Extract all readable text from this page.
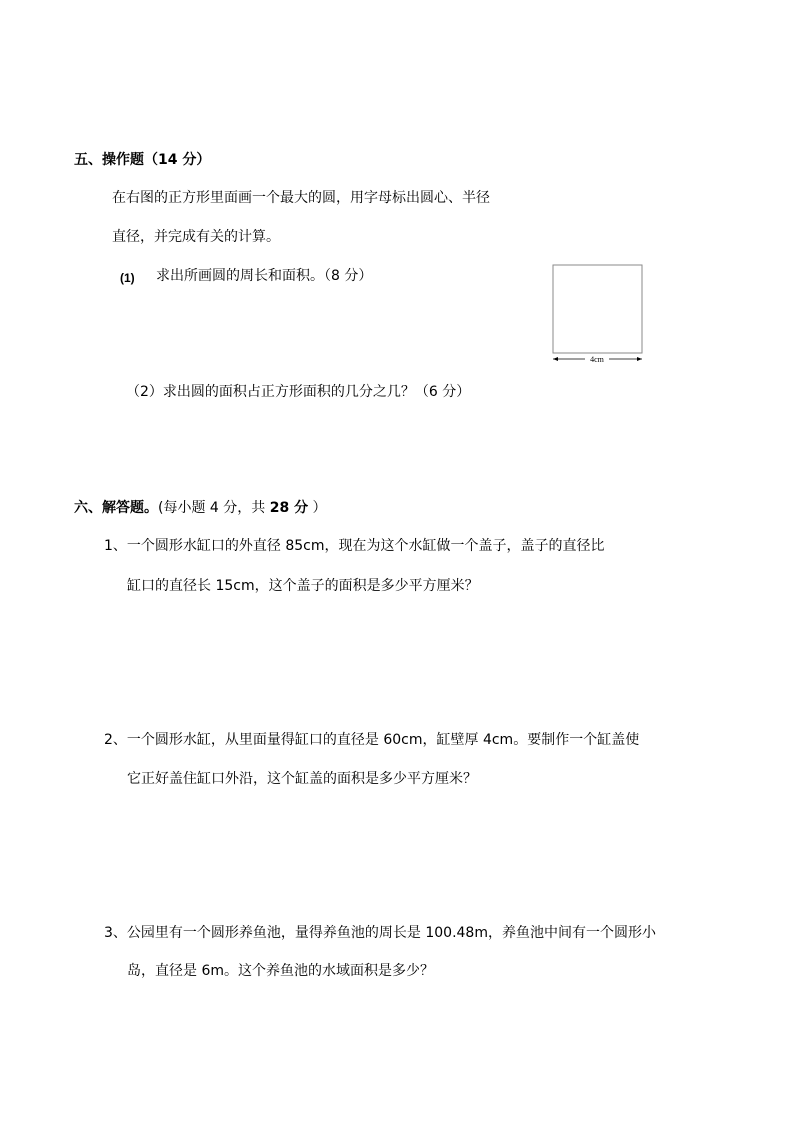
五、操作题（14 分）
在右图的正方形里面画一个最大的圆，用字母标出圆心、半径
直径，并完成有关的计算。
(1) 求出所画圆的周长和面积。（8 分）
4cm
（2）求出圆的面积占正方形面积的几分之几？（6 分）
六、解答题。(每小题 4 分，共 28 分 ）
1、一个圆形水缸口的外直径 85cm，现在为这个水缸做一个盖子，盖子的直径比
缸口的直径长 15cm，这个盖子的面积是多少平方厘米？
2、一个圆形水缸，从里面量得缸口的直径是 60cm，缸壁厚 4cm。要制作一个缸盖使
它正好盖住缸口外沿，这个缸盖的面积是多少平方厘米？
3、公园里有一个圆形养鱼池，量得养鱼池的周长是 100.48m，养鱼池中间有一个圆形小
岛，直径是 6m。这个养鱼池的水域面积是多少？
